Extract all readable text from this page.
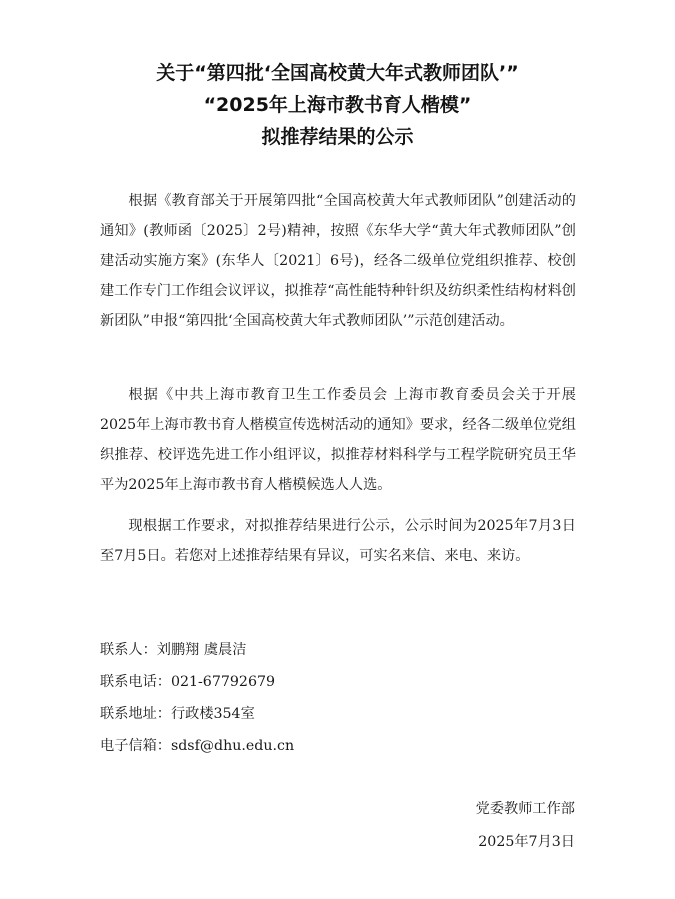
关于“第四批‘全国高校黄大年式教师团队’”
“2025年上海市教书育人楷模”
拟推荐结果的公示

根据《教育部关于开展第四批“全国高校黄大年式教师团队”创建活动的通知》(教师函〔2025〕2号)精神，按照《东华大学“黄大年式教师团队”创建活动实施方案》(东华人〔2021〕6号)，经各二级单位党组织推荐、校创建工作专门工作组会议评议，拟推荐“高性能特种针织及纺织柔性结构材料创新团队”申报“第四批‘全国高校黄大年式教师团队’”示范创建活动。

根据《中共上海市教育卫生工作委员会 上海市教育委员会关于开展2025年上海市教书育人楷模宣传选树活动的通知》要求，经各二级单位党组织推荐、校评选先进工作小组评议，拟推荐材料科学与工程学院研究员王华平为2025年上海市教书育人楷模候选人人选。

现根据工作要求，对拟推荐结果进行公示，公示时间为2025年7月3日至7月5日。若您对上述推荐结果有异议，可实名来信、来电、来访。

联系人：刘鹏翔 虞晨洁
联系电话：021-67792679
联系地址：行政楼354室
电子信箱：sdsf@dhu.edu.cn
党委教师工作部
2025年7月3日
